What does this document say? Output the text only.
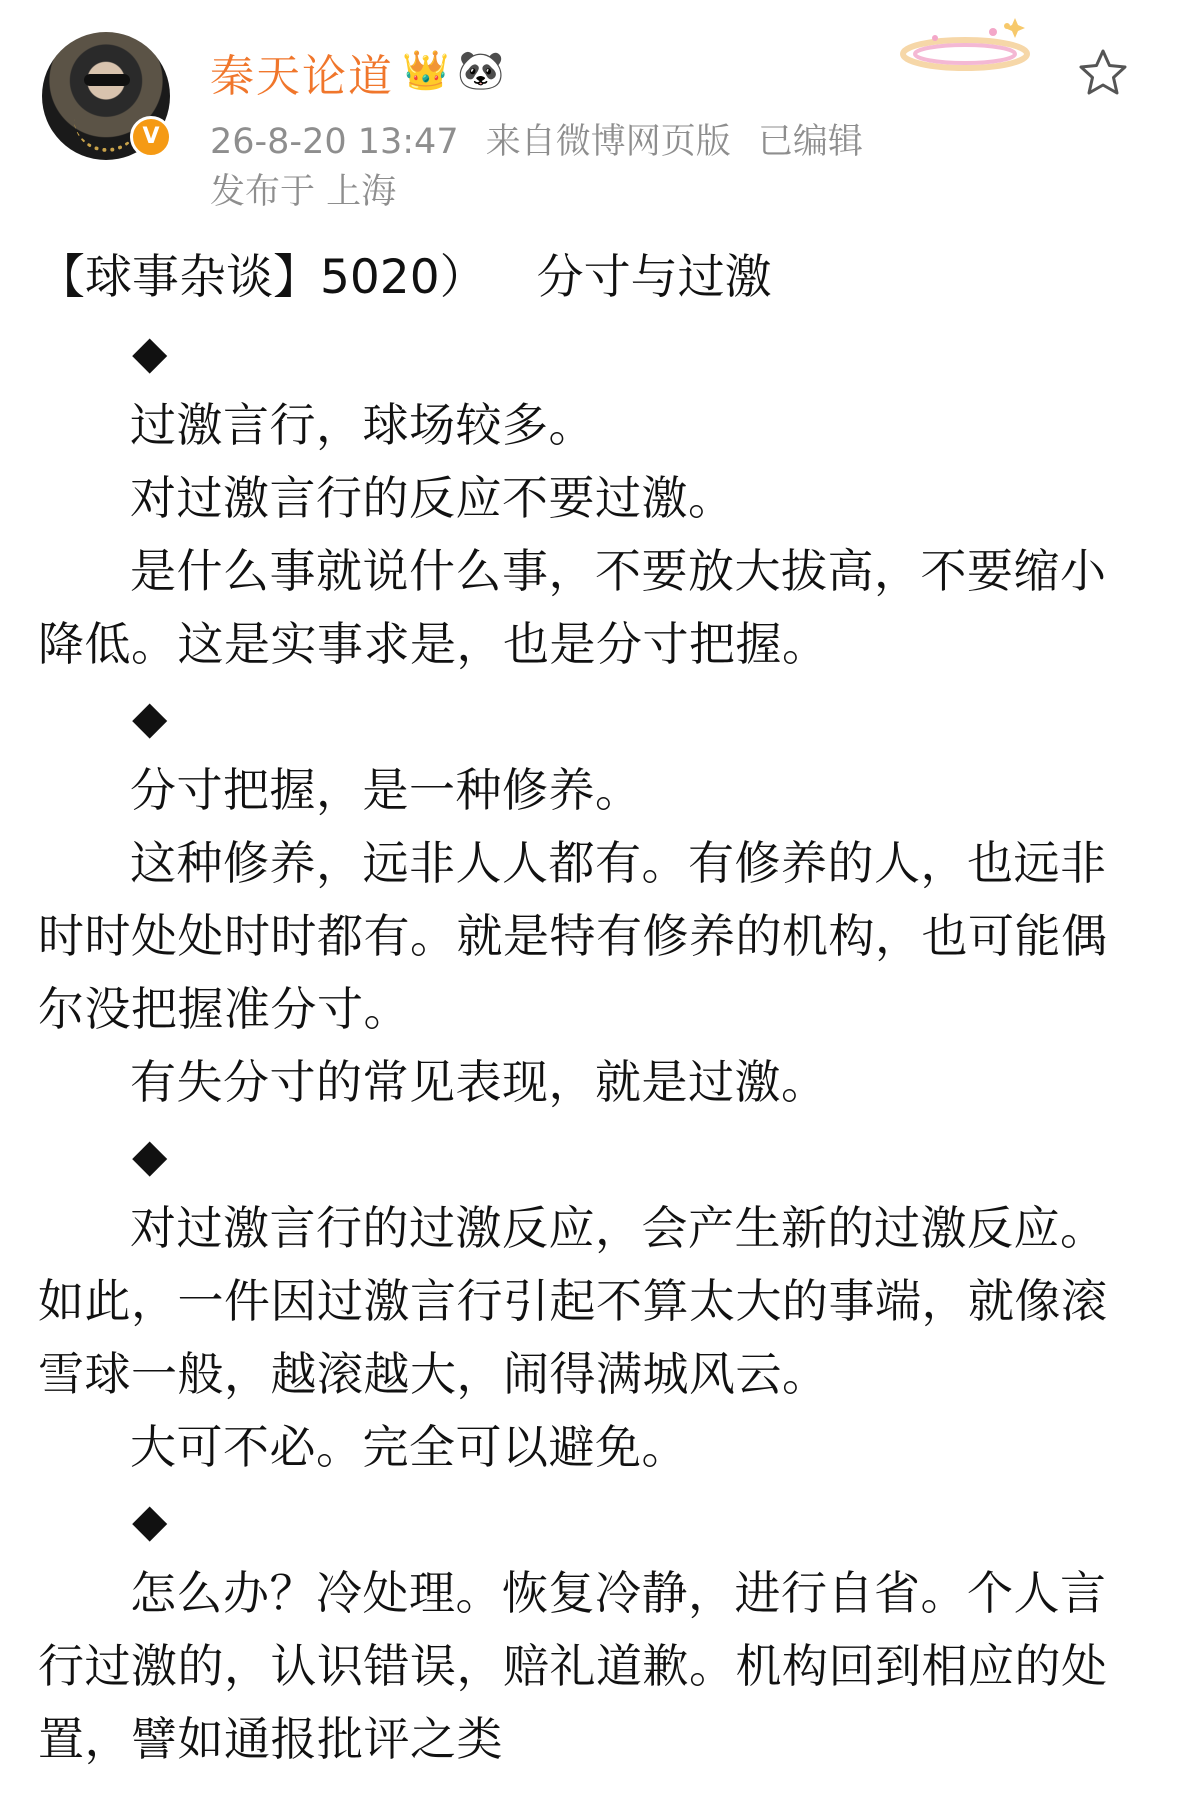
V
秦天论道 👑 🐼
26-8-20 13:47 来自微博网页版 已编辑
发布于 上海
【球事杂谈】5020） 分寸与过激
◆

过激言行，球场较多。

对过激言行的反应不要过激。

是什么事就说什么事，不要放大拔高，不要缩小降低。这是实事求是，也是分寸把握。

◆

分寸把握，是一种修养。

这种修养，远非人人都有。有修养的人，也远非时时处处时时都有。就是特有修养的机构，也可能偶尔没把握准分寸。

有失分寸的常见表现，就是过激。

◆

对过激言行的过激反应，会产生新的过激反应。如此，一件因过激言行引起不算太大的事端，就像滚雪球一般，越滚越大，闹得满城风云。

大可不必。完全可以避免。

◆

怎么办？冷处理。恢复冷静，进行自省。个人言行过激的，认识错误，赔礼道歉。机构回到相应的处置，譬如通报批评之类
